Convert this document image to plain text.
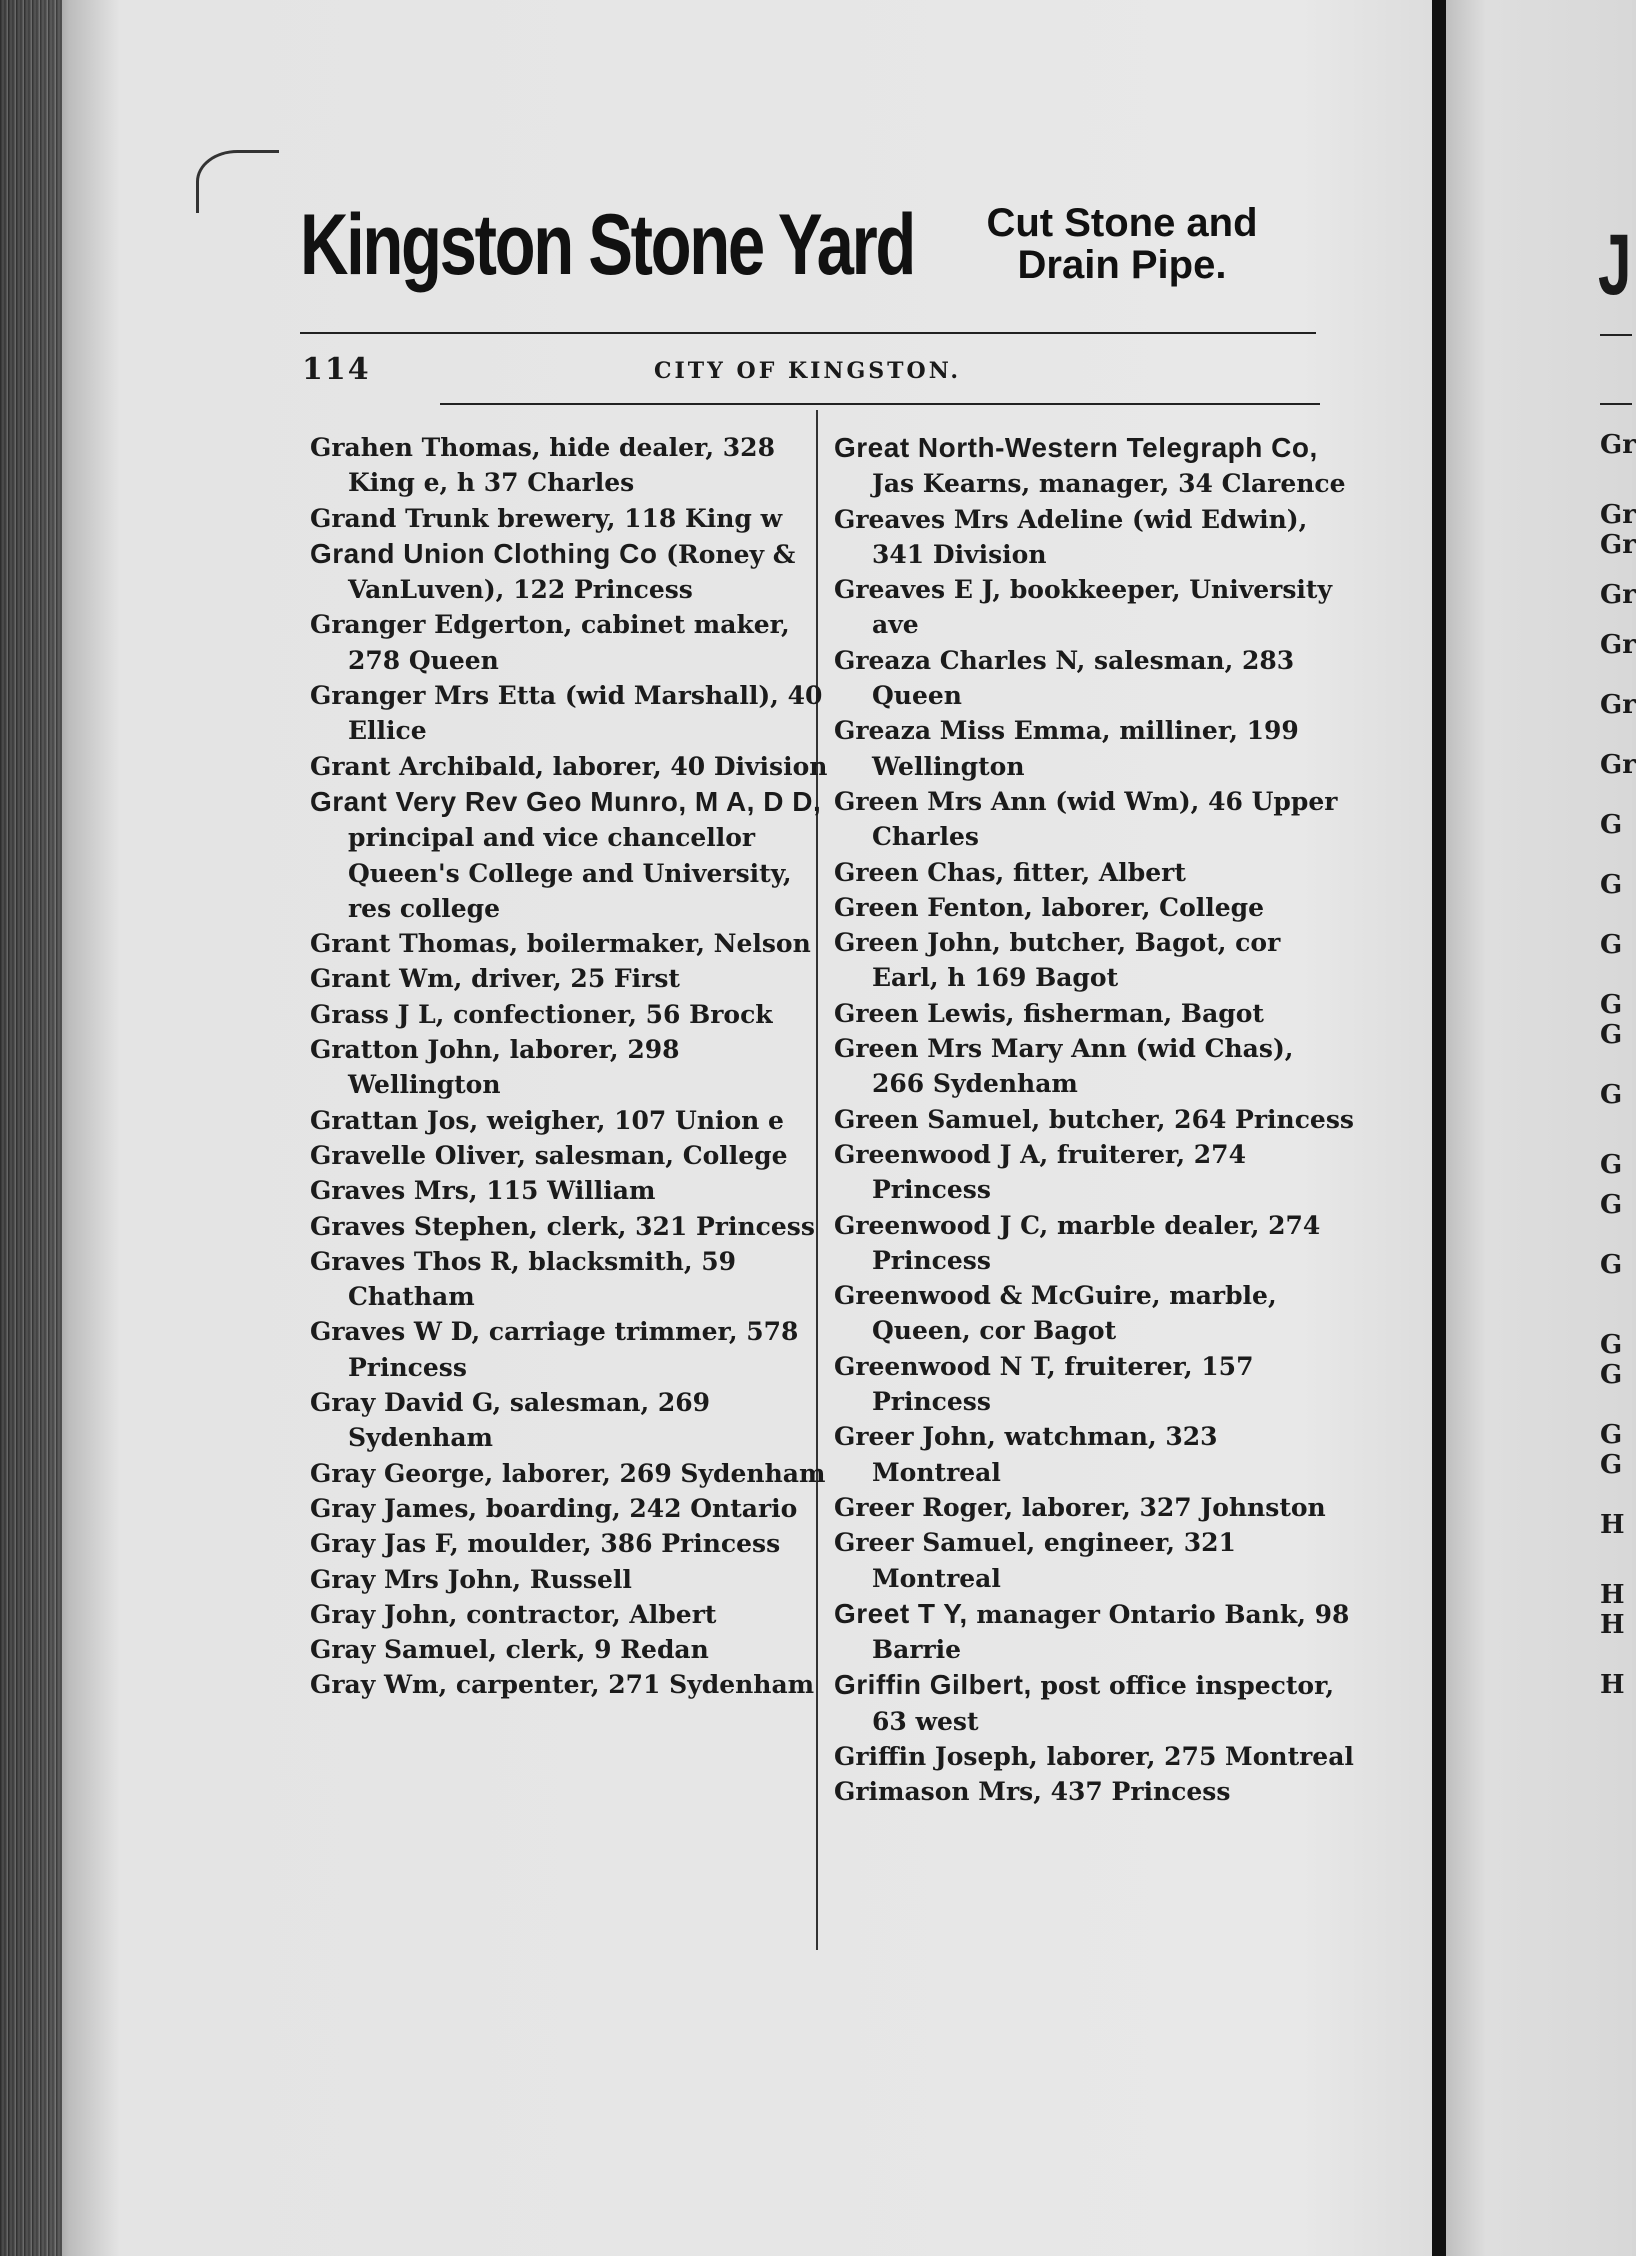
Kingston Stone Yard	Cut Stone and
Drain Pipe.
114	CITY OF KINGSTON.
Grahen Thomas, hide dealer, 328 King e, h 37 Charles
Grand Trunk brewery, 118 King w
Grand Union Clothing Co (Roney & VanLuven), 122 Princess
Granger Edgerton, cabinet maker, 278 Queen
Granger Mrs Etta (wid Marshall), 40 Ellice
Grant Archibald, laborer, 40 Division
Grant Very Rev Geo Munro, M A, D D, principal and vice chancellor Queen's College and University, res college
Grant Thomas, boilermaker, Nelson
Grant Wm, driver, 25 First
Grass J L, confectioner, 56 Brock
Gratton John, laborer, 298 Wellington
Grattan Jos, weigher, 107 Union e
Gravelle Oliver, salesman, College
Graves Mrs, 115 William
Graves Stephen, clerk, 321 Princess
Graves Thos R, blacksmith, 59 Chatham
Graves W D, carriage trimmer, 578 Princess
Gray David G, salesman, 269 Sydenham
Gray George, laborer, 269 Sydenham
Gray James, boarding, 242 Ontario
Gray Jas F, moulder, 386 Princess
Gray Mrs John, Russell
Gray John, contractor, Albert
Gray Samuel, clerk, 9 Redan
Gray Wm, carpenter, 271 Sydenham
Great North-Western Telegraph Co, Jas Kearns, manager, 34 Clarence
Greaves Mrs Adeline (wid Edwin), 341 Division
Greaves E J, bookkeeper, University ave
Greaza Charles N, salesman, 283 Queen
Greaza Miss Emma, milliner, 199 Wellington
Green Mrs Ann (wid Wm), 46 Upper Charles
Green Chas, fitter, Albert
Green Fenton, laborer, College
Green John, butcher, Bagot, cor Earl, h 169 Bagot
Green Lewis, fisherman, Bagot
Green Mrs Mary Ann (wid Chas), 266 Sydenham
Green Samuel, butcher, 264 Princess
Greenwood J A, fruiterer, 274 Princess
Greenwood J C, marble dealer, 274 Princess
Greenwood & McGuire, marble, Queen, cor Bagot
Greenwood N T, fruiterer, 157 Princess
Greer John, watchman, 323 Montreal
Greer Roger, laborer, 327 Johnston
Greer Samuel, engineer, 321 Montreal
Greet T Y, manager Ontario Bank, 98 Barrie
Griffin Gilbert, post office inspector, 63 west
Griffin Joseph, laborer, 275 Montreal
Grimason Mrs, 437 Princess
J
Gr
Gr
Gr
Gr
Gr
Gr
Gr
G
G
G
G
G
G
G
G
G
G
G
G
G
H
H
H
H
